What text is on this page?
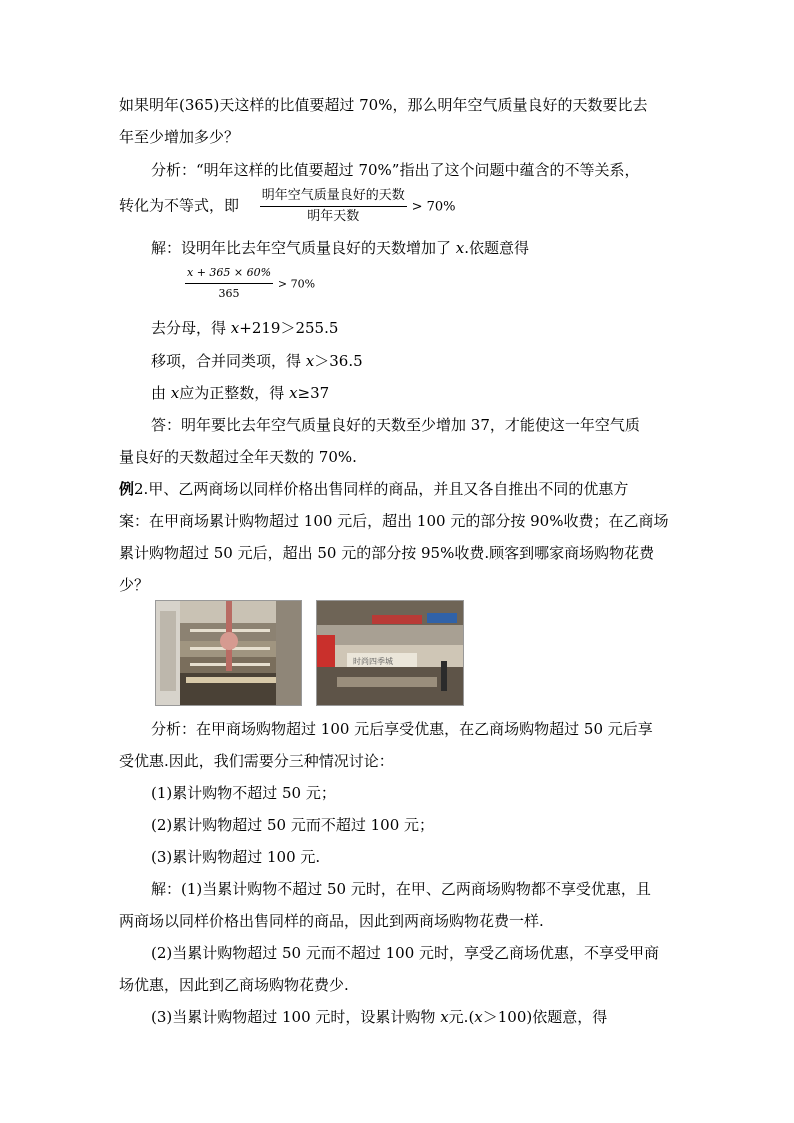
如果明年(365)天这样的比值要超过 70%，那么明年空气质量良好的天数要比去

年至少增加多少？

分析：“明年这样的比值要超过 70%”指出了这个问题中蕴含的不等关系，

转化为不等式，即 $\frac{\text{明年空气质量良好的天数}}{\text{明年天数}} > 70\%$

解：设明年比去年空气质量良好的天数增加了 x.依题意得

$\frac{x + 365 \times 60\%}{365} > 70\%$

去分母，得 x+219＞255.5

移项，合并同类项，得 x＞36.5

由 x应为正整数，得 x≥37

答：明年要比去年空气质量良好的天数至少增加 37，才能使这一年空气质

量良好的天数超过全年天数的 70%.

例2.甲、乙两商场以同样价格出售同样的商品，并且又各自推出不同的优惠方

案：在甲商场累计购物超过 100 元后，超出 100 元的部分按 90%收费；在乙商场

累计购物超过 50 元后，超出 50 元的部分按 95%收费.顾客到哪家商场购物花费

少？

时尚四季城

分析：在甲商场购物超过 100 元后享受优惠，在乙商场购物超过 50 元后享

受优惠.因此，我们需要分三种情况讨论：

(1)累计购物不超过 50 元；

(2)累计购物超过 50 元而不超过 100 元；

(3)累计购物超过 100 元.

解：(1)当累计购物不超过 50 元时，在甲、乙两商场购物都不享受优惠，且

两商场以同样价格出售同样的商品，因此到两商场购物花费一样.

(2)当累计购物超过 50 元而不超过 100 元时，享受乙商场优惠，不享受甲商

场优惠，因此到乙商场购物花费少.

(3)当累计购物超过 100 元时，设累计购物 x元.(x＞100)依题意，得
